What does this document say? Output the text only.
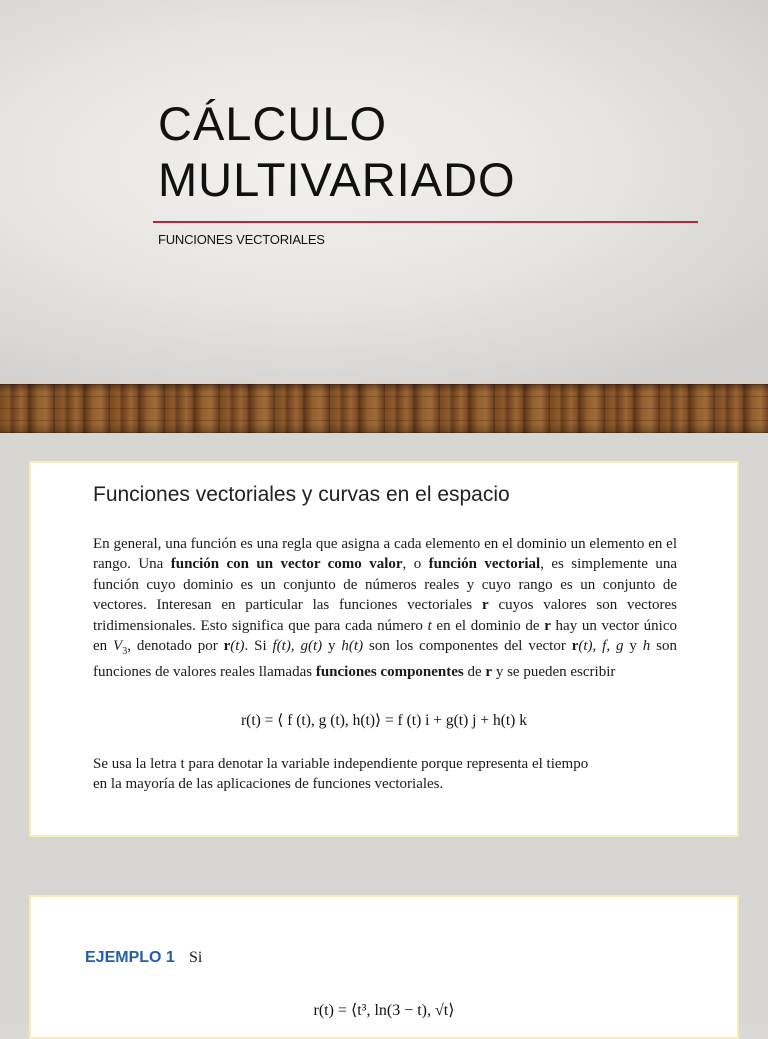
CÁLCULO
MULTIVARIADO
FUNCIONES VECTORIALES
Funciones vectoriales y curvas en el espacio

En general, una función es una regla que asigna a cada elemento en el dominio un elemento en el rango. Una función con un vector como valor, o función vectorial, es simplemente una función cuyo dominio es un conjunto de números reales y cuyo rango es un conjunto de vectores. Interesan en particular las funciones vectoriales r cuyos valores son vectores tridimensionales. Esto significa que para cada número t en el dominio de r hay un vector único en $V_3$, denotado por r(t). Si f(t), g(t) y h(t) son los componentes del vector r(t), f, g y h son funciones de valores reales llamadas funciones componentes de r y se pueden escribir

r(t) = ⟨ f (t), g (t), h(t)⟩ = f (t) i + g(t) j + h(t) k

Se usa la letra t para denotar la variable independiente porque representa el tiempo
en la mayoría de las aplicaciones de funciones vectoriales.

EJEMPLO 1 Si
r(t) = ⟨t³, ln(3 − t), √t⟩
